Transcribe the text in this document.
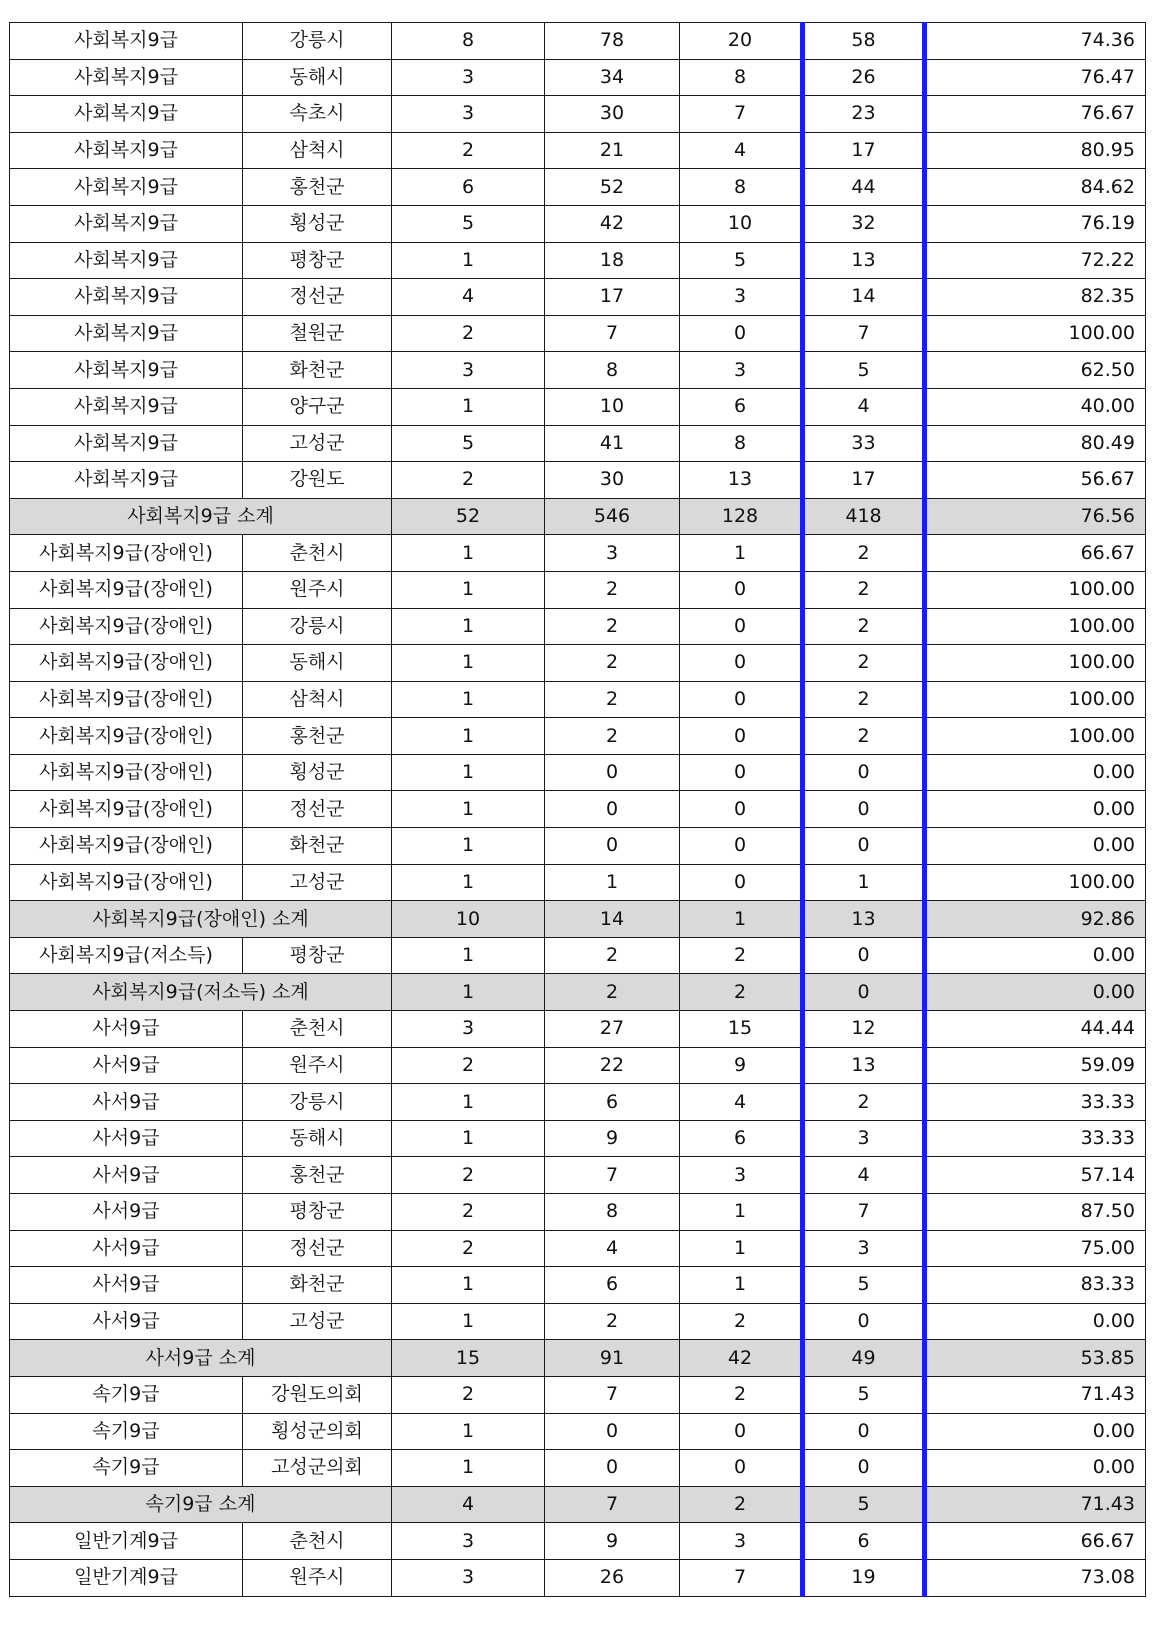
사회복지9급	강릉시	8	78	20	58	74.36
사회복지9급	동해시	3	34	8	26	76.47
사회복지9급	속초시	3	30	7	23	76.67
사회복지9급	삼척시	2	21	4	17	80.95
사회복지9급	홍천군	6	52	8	44	84.62
사회복지9급	횡성군	5	42	10	32	76.19
사회복지9급	평창군	1	18	5	13	72.22
사회복지9급	정선군	4	17	3	14	82.35
사회복지9급	철원군	2	7	0	7	100.00
사회복지9급	화천군	3	8	3	5	62.50
사회복지9급	양구군	1	10	6	4	40.00
사회복지9급	고성군	5	41	8	33	80.49
사회복지9급	강원도	2	30	13	17	56.67
사회복지9급 소계		52	546	128	418	76.56
사회복지9급(장애인)	춘천시	1	3	1	2	66.67
사회복지9급(장애인)	원주시	1	2	0	2	100.00
사회복지9급(장애인)	강릉시	1	2	0	2	100.00
사회복지9급(장애인)	동해시	1	2	0	2	100.00
사회복지9급(장애인)	삼척시	1	2	0	2	100.00
사회복지9급(장애인)	홍천군	1	2	0	2	100.00
사회복지9급(장애인)	횡성군	1	0	0	0	0.00
사회복지9급(장애인)	정선군	1	0	0	0	0.00
사회복지9급(장애인)	화천군	1	0	0	0	0.00
사회복지9급(장애인)	고성군	1	1	0	1	100.00
사회복지9급(장애인) 소계		10	14	1	13	92.86
사회복지9급(저소득)	평창군	1	2	2	0	0.00
사회복지9급(저소득) 소계		1	2	2	0	0.00
사서9급	춘천시	3	27	15	12	44.44
사서9급	원주시	2	22	9	13	59.09
사서9급	강릉시	1	6	4	2	33.33
사서9급	동해시	1	9	6	3	33.33
사서9급	홍천군	2	7	3	4	57.14
사서9급	평창군	2	8	1	7	87.50
사서9급	정선군	2	4	1	3	75.00
사서9급	화천군	1	6	1	5	83.33
사서9급	고성군	1	2	2	0	0.00
사서9급 소계		15	91	42	49	53.85
속기9급	강원도의회	2	7	2	5	71.43
속기9급	횡성군의회	1	0	0	0	0.00
속기9급	고성군의회	1	0	0	0	0.00
속기9급 소계		4	7	2	5	71.43
일반기계9급	춘천시	3	9	3	6	66.67
일반기계9급	원주시	3	26	7	19	73.08
